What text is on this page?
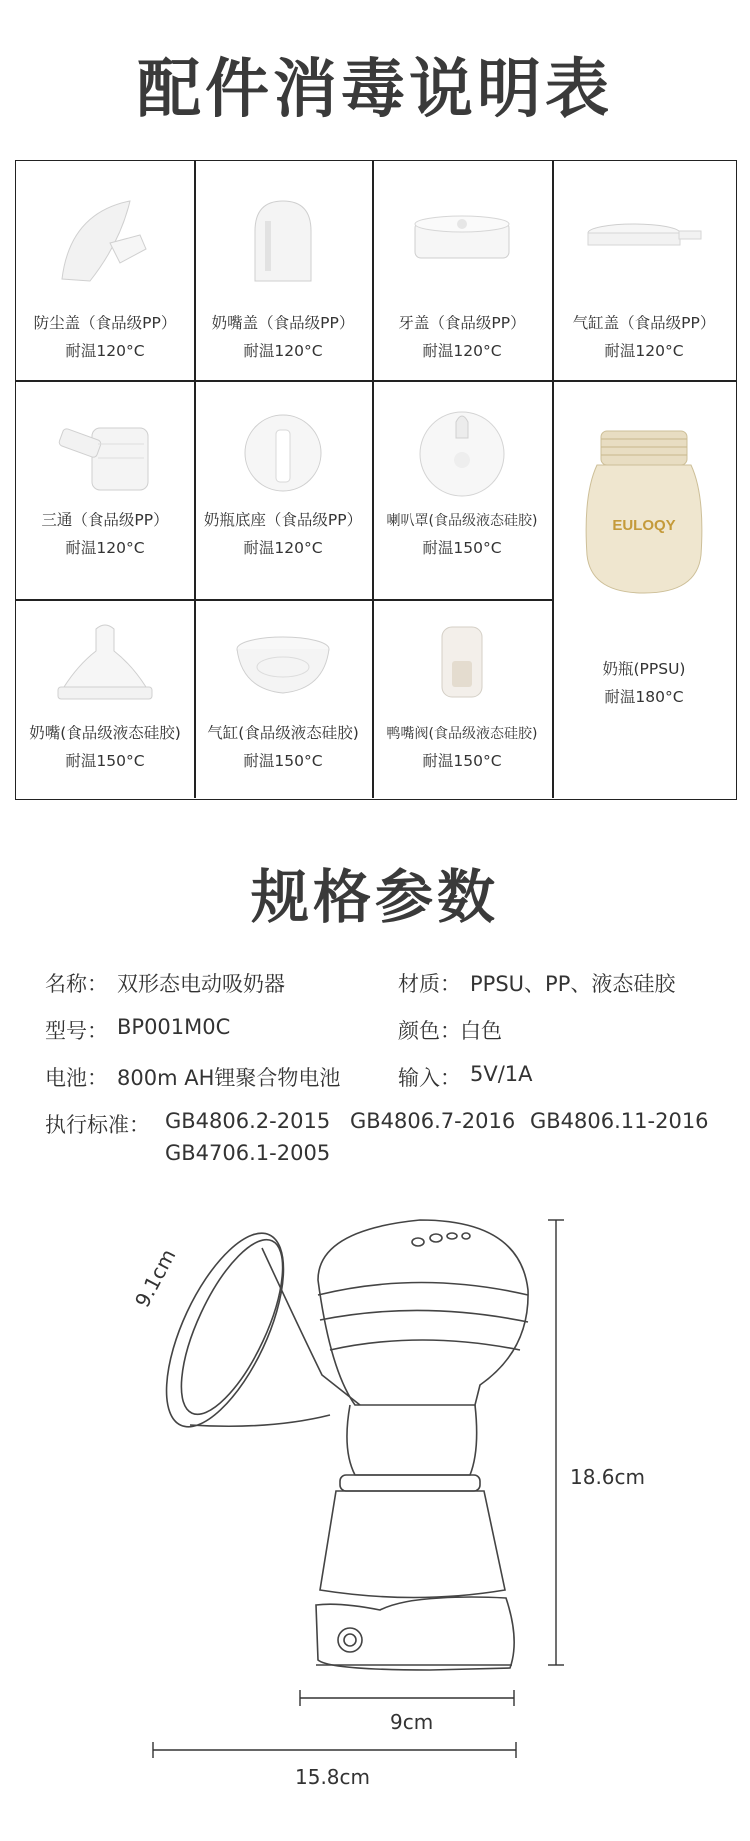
配件消毒说明表
防尘盖（食品级PP）
耐温120°C
奶嘴盖（食品级PP）
耐温120°C
牙盖（食品级PP）
耐温120°C
气缸盖（食品级PP）
耐温120°C
三通（食品级PP）
耐温120°C
奶瓶底座（食品级PP）
耐温120°C
喇叭罩(食品级液态硅胶)
耐温150°C
EULOQY
奶瓶(PPSU)
耐温180°C
奶嘴(食品级液态硅胶)
耐温150°C
气缸(食品级液态硅胶)
耐温150°C
鸭嘴阀(食品级液态硅胶)
耐温150°C
规格参数
名称： 双形态电动吸奶器	材质： PPSU、PP、液态硅胶
型号： BP001M0C	颜色： 白色
电池： 800m AH锂聚合物电池	输入： 5V/1A
执行标准： GB4806.2-2015 GB4806.7-2016 GB4806.11-2016
GB4706.1-2005
9.1cm
18.6cm
9cm
15.8cm
